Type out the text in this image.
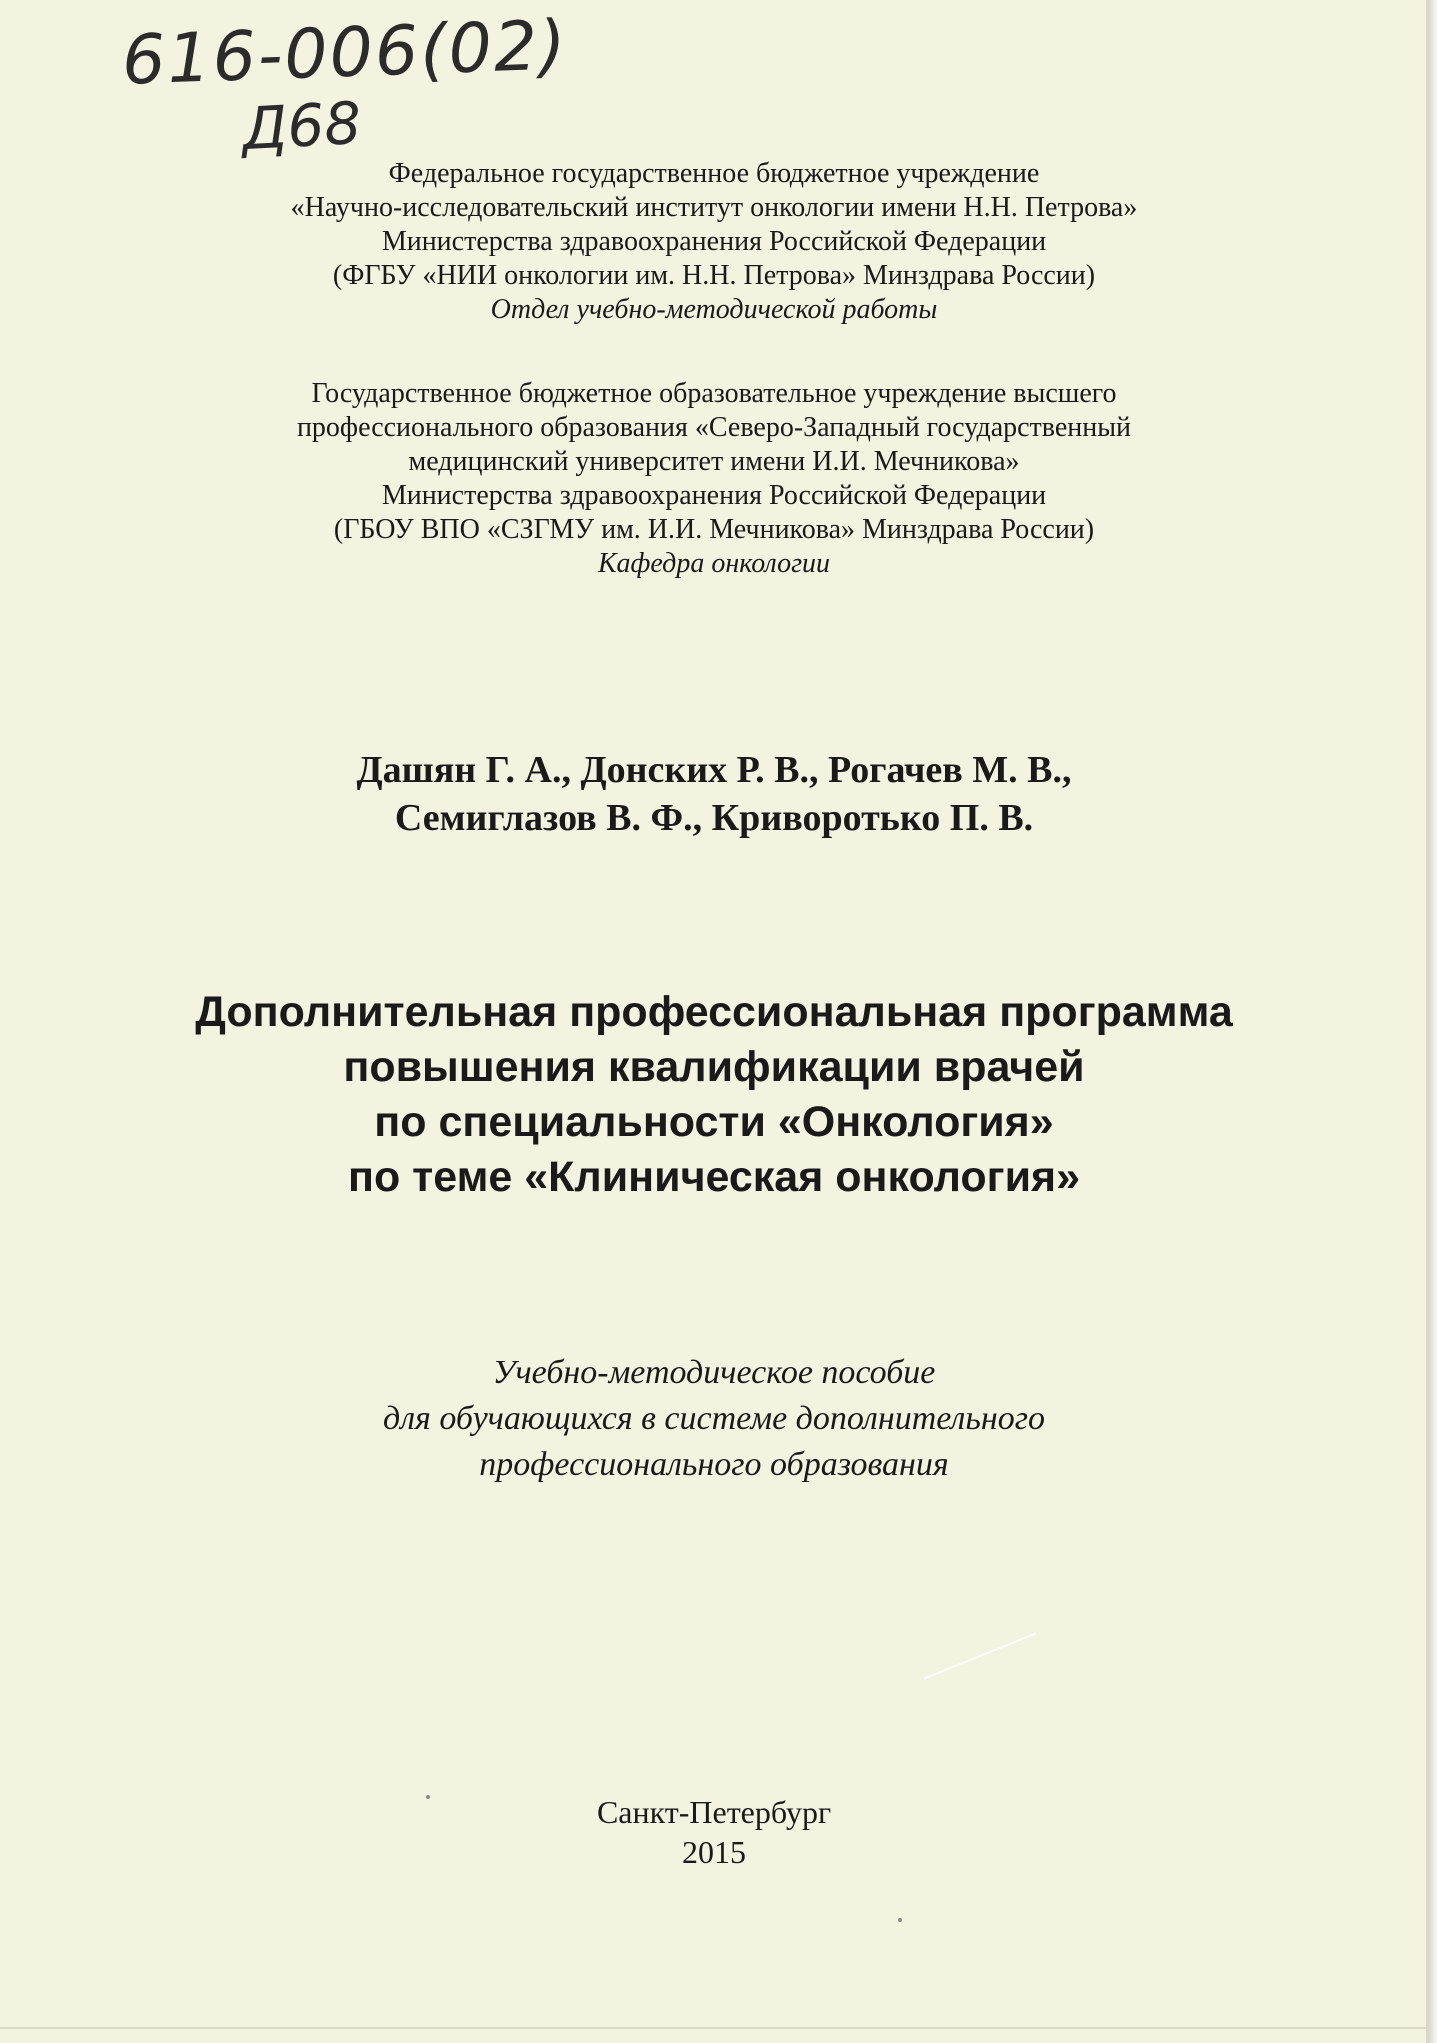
616-006(02)
Д68
Федеральное государственное бюджетное учреждение
«Научно-исследовательский институт онкологии имени Н.Н. Петрова»
Министерства здравоохранения Российской Федерации
(ФГБУ «НИИ онкологии им. Н.Н. Петрова» Минздрава России)
Отдел учебно-методической работы
Государственное бюджетное образовательное учреждение высшего
профессионального образования «Северо-Западный государственный
медицинский университет имени И.И. Мечникова»
Министерства здравоохранения Российской Федерации
(ГБОУ ВПО «СЗГМУ им. И.И. Мечникова» Минздрава России)
Кафедра онкологии
Дашян Г. А., Донских Р. В., Рогачев М. В.,
Семиглазов В. Ф., Криворотько П. В.
Дополнительная профессиональная программа
повышения квалификации врачей
по специальности «Онкология»
по теме «Клиническая онкология»
Учебно-методическое пособие
для обучающихся в системе дополнительного
профессионального образования
Санкт-Петербург
2015
